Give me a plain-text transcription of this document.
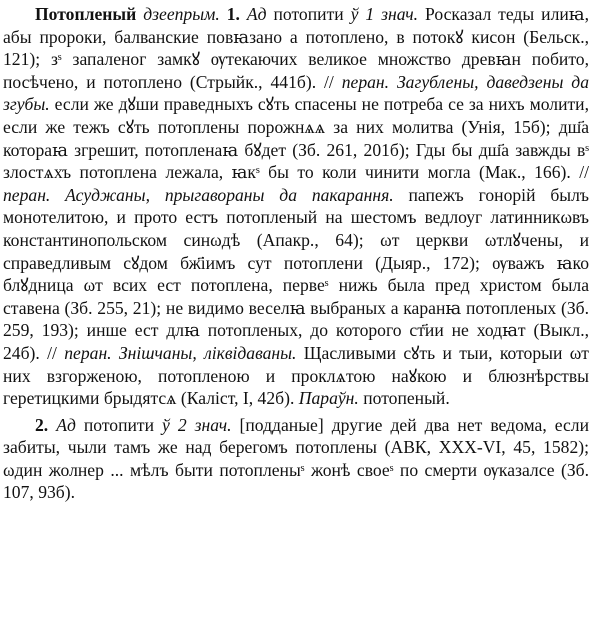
Потопленый дзеепрым. 1. Ад потопити ў 1 знач. Росказал теды илиꙗ, абы пророки, балванские повꙗзано а потоплено, в потокꙋ кисон (Бельск., 121); зˢ запаленог замкꙋ ѹтекаючих великое множство древꙗн побито, посѣчено, и потоплено (Стрыйк., 441б). // перан. Загублены, даведзены да згубы. если же дꙋши праведныхъ сꙋть спасены не потреба се за нихъ молити, если же тежъ сꙋть потоплены порожнѧѧ за них молитва (Унія, 15б); дш҃а котораꙗ згрешит, потопленаꙗ бꙋдет (Зб. 261, 201б); Гды бы дш҃а завжды вˢ злостѧхъ потоплена лежала, ꙗкˢ бы то коли чинити могла (Мак., 166). // перан. Асуджаны, прыгавораны да пакарання. папежъ гонорій былъ монотелитою, и прото естъ потопленый на шестомъ ведлоуг латинникωвъ константинопольском синωдѣ (Апакр., 64); ωт церкви ωтлꙋчены, и справедливым сꙋдом бж҃іимъ сут потоплени (Дыяр., 172); ѹважъ ꙗко блꙋдница ωт всих ест потоплена, первеˢ нижь была пред христом была ставена (Зб. 255, 21); не видимо веселꙗ выбраных а каранꙗ потопленых (Зб. 259, 193); инше ест длꙗ потопленых, до которого ст҃ии не ходꙗт (Выкл., 24б). // перан. Знішчаны, ліквідаваны. Щасливыми сꙋть и тыи, которыи ωт них взгорженою, потопленою и проклѧтою наꙋкою и блюзнѣрствы геретицкими брыдятсѧ (Каліст, І, 42б). Параўн. потопеный.

2. Ад потопити ў 2 знач. [подданые] другие дей два нет ведома, если забиты, чыли тамъ же над берегомъ потоплены (АВК, XXX-VI, 45, 1582); ωдин жолнер ... мѣлъ быти потопленыˢ жонѣ своеˢ по смерти ѹказалсе (Зб. 107, 93б).
